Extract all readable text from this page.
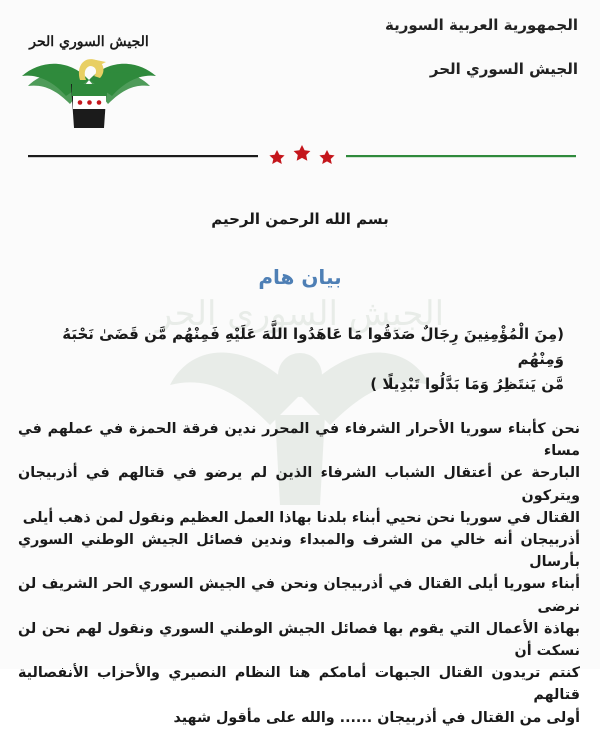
الجيش السوري الحر
الجيش السوري الحر
الجمهورية العربية السورية
الجيش السوري الحر
بسم الله الرحمن الرحيم
بيان هام
(مِنَ الْمُؤْمِنِينَ رِجَالٌ صَدَقُوا مَا عَاهَدُوا اللَّهَ عَلَيْهِ فَمِنْهُم مَّن قَضَىٰ نَحْبَهُ وَمِنْهُم
مَّن يَنتَظِرُ وَمَا بَدَّلُوا تَبْدِيلًا )
نحن كأبناء سوريا الأحرار الشرفاء في المحرر ندين فرقة الحمزة في عملهم في مساء
البارحة عن أعتقال الشباب الشرفاء الذين لم يرضو في قتالهم في أذربيجان ويتركون
القتال في سوريا نحن نحيي أبناء بلدنا بهاذا العمل العظيم ونقول لمن ذهب أيلى
أذربيجان أنه خالي من الشرف والمبداء وندين فصائل الجيش الوطني السوري بأرسال
أبناء سوريا أيلى القتال في أذربيجان ونحن في الجيش السوري الحر الشريف لن نرضى
بهاذة الأعمال التي يقوم بها فصائل الجيش الوطني السوري ونقول لهم نحن لن نسكت أن
كنتم تريدون القتال الجبهات أمامكم هنا النظام النصيري والأحزاب الأنفصالية قتالهم
أولى من القتال في أذربيجان ...... والله على مأقول شهيد
